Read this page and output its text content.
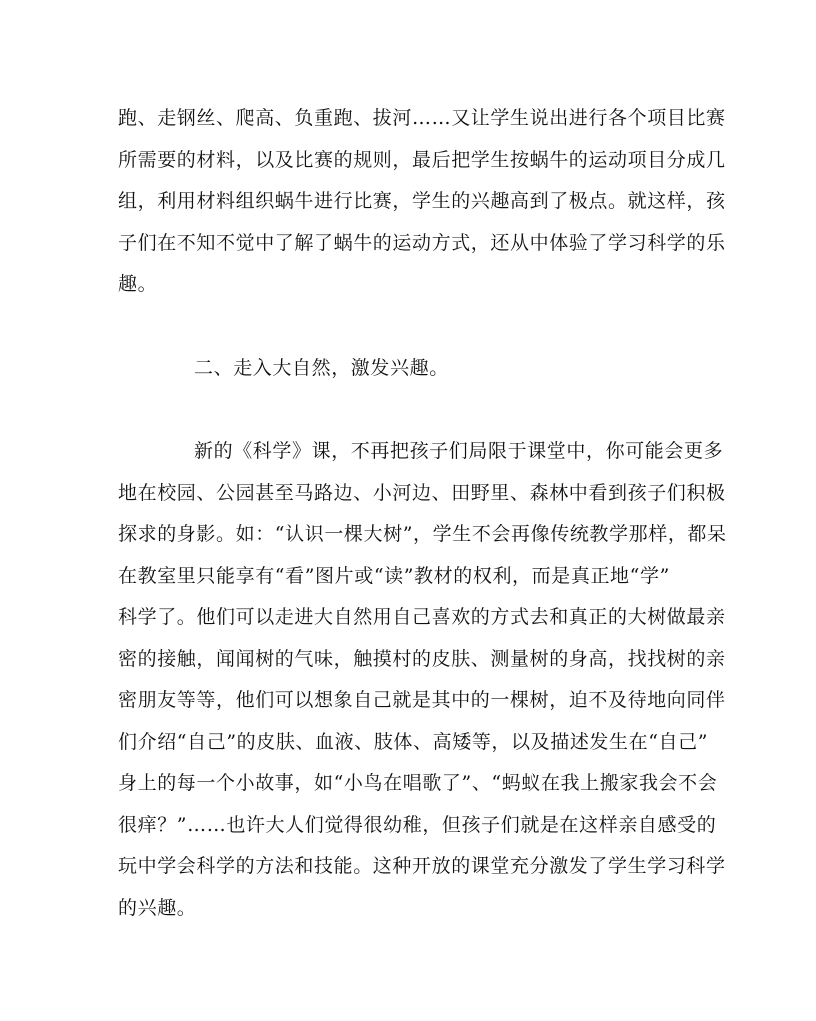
跑、走钢丝、爬高、负重跑、拔河……又让学生说出进行各个项目比赛
所需要的材料，以及比赛的规则，最后把学生按蜗牛的运动项目分成几
组，利用材料组织蜗牛进行比赛，学生的兴趣高到了极点。就这样，孩
子们在不知不觉中了解了蜗牛的运动方式，还从中体验了学习科学的乐
趣。
二、走入大自然，激发兴趣。
新的《科学》课，不再把孩子们局限于课堂中，你可能会更多
地在校园、公园甚至马路边、小河边、田野里、森林中看到孩子们积极
探求的身影。如：“认识一棵大树”，学生不会再像传统教学那样，都呆
在教室里只能享有“看”图片或“读”教材的权利，而是真正地“学”
科学了。他们可以走进大自然用自己喜欢的方式去和真正的大树做最亲
密的接触，闻闻树的气味，触摸村的皮肤、测量树的身高，找找树的亲
密朋友等等，他们可以想象自己就是其中的一棵树，迫不及待地向同伴
们介绍“自己”的皮肤、血液、肢体、高矮等，以及描述发生在“自己”
身上的每一个小故事，如“小鸟在唱歌了”、“蚂蚁在我上搬家我会不会
很痒？”……也许大人们觉得很幼稚，但孩子们就是在这样亲自感受的
玩中学会科学的方法和技能。这种开放的课堂充分激发了学生学习科学
的兴趣。
